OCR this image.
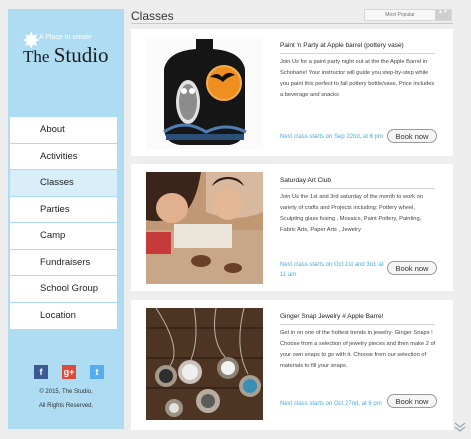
✸
A Place to create
The Studio
About
Activities
Classes
Parties
Camp
Fundraisers
School Group
Location
f	g+	t
© 2015, The Studio,
All Rights Reserved.
Classes	Most Popular	▲▼
Paint 'n Party at Apple barrel (pottery vase)
Join Us for a paint party night out at the the Apple Barrel in Schoharie! Your instructor will guide you step-by-step while you paint this perfect to fall pottery bottle/vase, Price includes a beverage and snacks
Next class starts on Sep 22nd, at 6 pm	Book now
Saturday Art Club
Join Us the 1st and 3rd saturday of the month to work on variety of crafts and Projects including: Pottery wheel, Sculpting glass fusing , Mosaics, Paint Pottery, Painting, Fabric Arts, Paper Arts , Jewelry
Next class starts on Oct 1st and 3rd, at 11 am
Book now
Ginger Snap Jewelry # Apple Barrel
Get in on one of the hottest trends in jewelry- Ginger Snaps ! Choose from a selection of jewelry pieces and then make 2 of your own snaps to go with it. Choose from our selection of materials to fill your snaps.
Next class starts on Oct 27nd, at 6 pm	Book now
